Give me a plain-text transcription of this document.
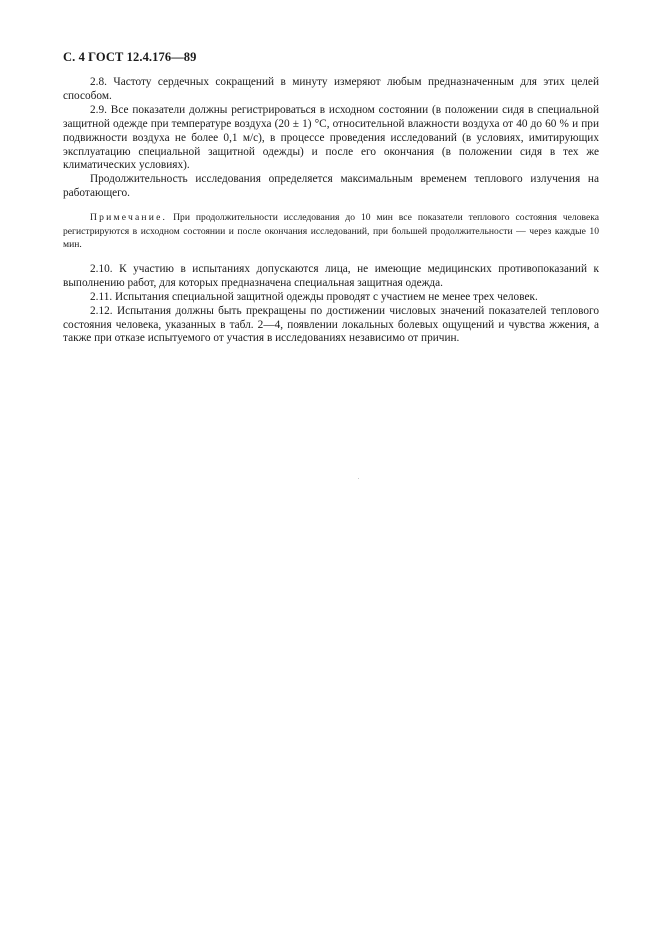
С. 4 ГОСТ 12.4.176—89

2.8. Частоту сердечных сокращений в минуту измеряют любым предназначенным для этих целей способом.

2.9. Все показатели должны регистрироваться в исходном состоянии (в положении сидя в специальной защитной одежде при температуре воздуха (20 ± 1) °С, относительной влажности воздуха от 40 до 60 % и при подвижности воздуха не более 0,1 м/с), в процессе проведения исследований (в условиях, имитирующих эксплуатацию специальной защитной одежды) и после его окончания (в положении сидя в тех же климатических условиях).

Продолжительность исследования определяется максимальным временем теплового излучения на работающего.

Примечание. При продолжительности исследования до 10 мин все показатели теплового состояния человека регистрируются в исходном состоянии и после окончания исследований, при большей продолжительности — через каждые 10 мин.

2.10. К участию в испытаниях допускаются лица, не имеющие медицинских противопоказаний к выполнению работ, для которых предназначена специальная защитная одежда.

2.11. Испытания специальной защитной одежды проводят с участием не менее трех человек.

2.12. Испытания должны быть прекращены по достижении числовых значений показателей теплового состояния человека, указанных в табл. 2—4, появлении локальных болевых ощущений и чувства жжения, а также при отказе испытуемого от участия в исследованиях независимо от причин.
